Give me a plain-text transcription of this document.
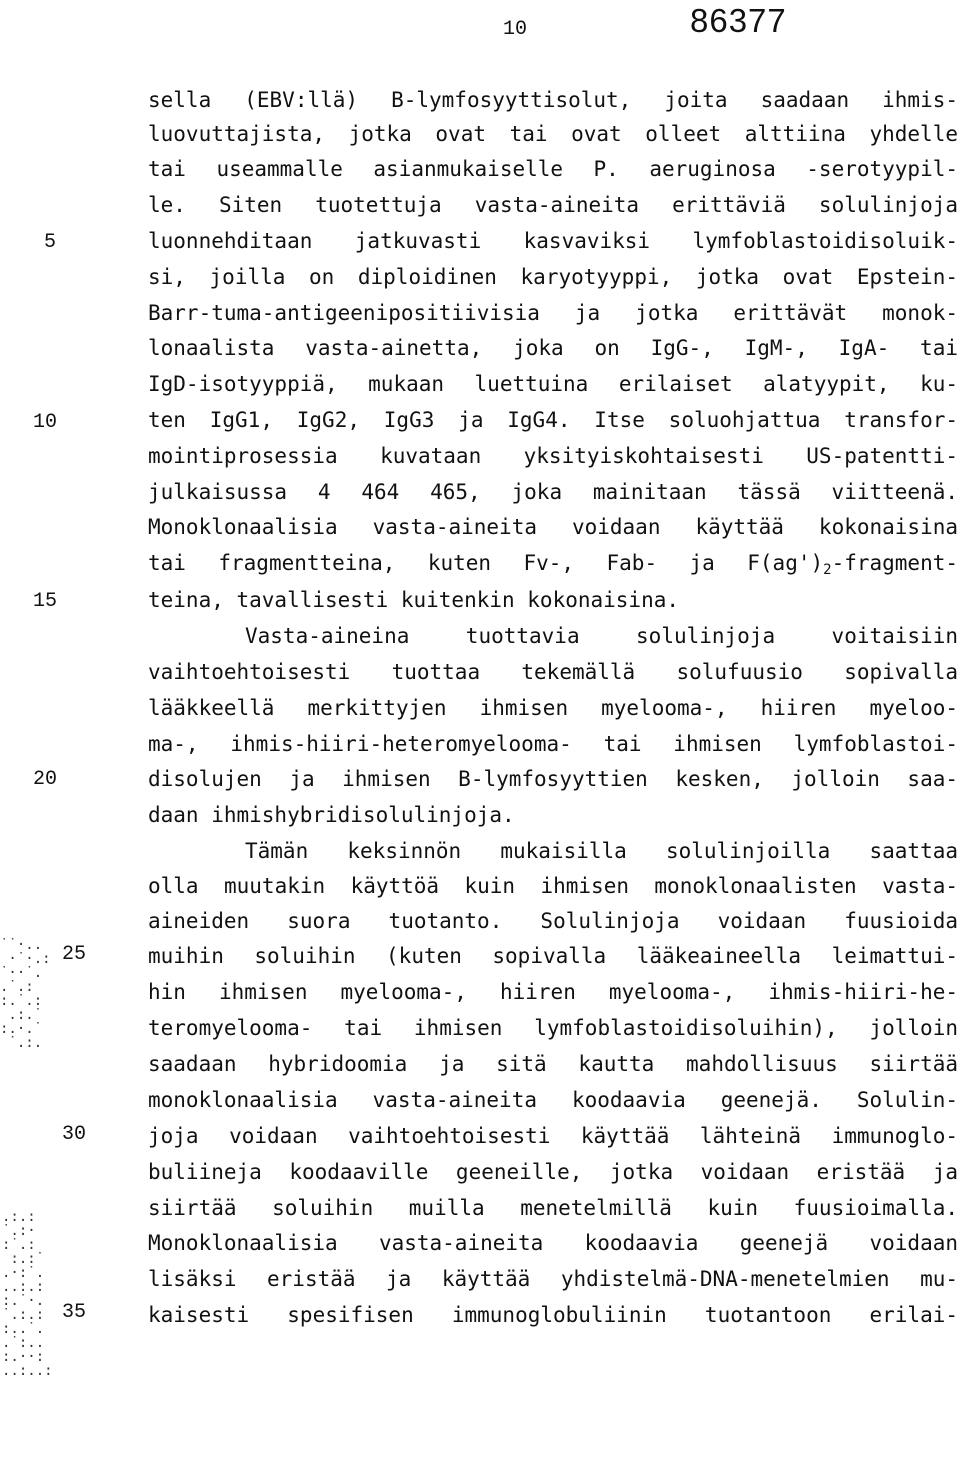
10	86377
5
10
15
20
25
30
35
˙˙·..
·˙·.:
˙··˙.
.˙.:
:.˙.:
.:.˙
:.·.˙
˙.:.
.:.:
˙.:·
:˙.:
:.:˙
.·:˙.
..:.:
:.˙·.
˙.:.:
:..˙.
.˙:..
:.··:
..:..:
sella (EBV:llä) B-lymfosyyttisolut, joita saadaan ihmis-
luovuttajista, jotka ovat tai ovat olleet alttiina yhdelle
tai useammalle asianmukaiselle P. aeruginosa -serotyypil-
le. Siten tuotettuja vasta-aineita erittäviä solulinjoja
luonnehditaan jatkuvasti kasvaviksi lymfoblastoidisoluik-
si, joilla on diploidinen karyotyyppi, jotka ovat Epstein-
Barr-tuma-antigeenipositiivisia ja jotka erittävät monok-
lonaalista vasta-ainetta, joka on IgG-, IgM-, IgA- tai
IgD-isotyyppiä, mukaan luettuina erilaiset alatyypit, ku-
ten IgG1, IgG2, IgG3 ja IgG4. Itse soluohjattua transfor-
mointiprosessia kuvataan yksityiskohtaisesti US-patentti-
julkaisussa 4 464 465, joka mainitaan tässä viitteenä.
Monoklonaalisia vasta-aineita voidaan käyttää kokonaisina
tai fragmentteina, kuten Fv-, Fab- ja $F(ag')_2-fragment-$
teina, tavallisesti kuitenkin kokonaisina.
Vasta-aineina tuottavia solulinjoja voitaisiin
vaihtoehtoisesti tuottaa tekemällä solufuusio sopivalla
lääkkeellä merkittyjen ihmisen myelooma-, hiiren myeloo-
ma-, ihmis-hiiri-heteromyelooma- tai ihmisen lymfoblastoi-
disolujen ja ihmisen B-lymfosyyttien kesken, jolloin saa-
daan ihmishybridisolulinjoja.
Tämän keksinnön mukaisilla solulinjoilla saattaa
olla muutakin käyttöä kuin ihmisen monoklonaalisten vasta-
aineiden suora tuotanto. Solulinjoja voidaan fuusioida
muihin soluihin (kuten sopivalla lääkeaineella leimattui-
hin ihmisen myelooma-, hiiren myelooma-, ihmis-hiiri-he-
teromyelooma- tai ihmisen lymfoblastoidisoluihin), jolloin
saadaan hybridoomia ja sitä kautta mahdollisuus siirtää
monoklonaalisia vasta-aineita koodaavia geenejä. Solulin-
joja voidaan vaihtoehtoisesti käyttää lähteinä immunoglo-
buliineja koodaaville geeneille, jotka voidaan eristää ja
siirtää soluihin muilla menetelmillä kuin fuusioimalla.
Monoklonaalisia vasta-aineita koodaavia geenejä voidaan
lisäksi eristää ja käyttää yhdistelmä-DNA-menetelmien mu-
kaisesti spesifisen immunoglobuliinin tuotantoon erilai-
